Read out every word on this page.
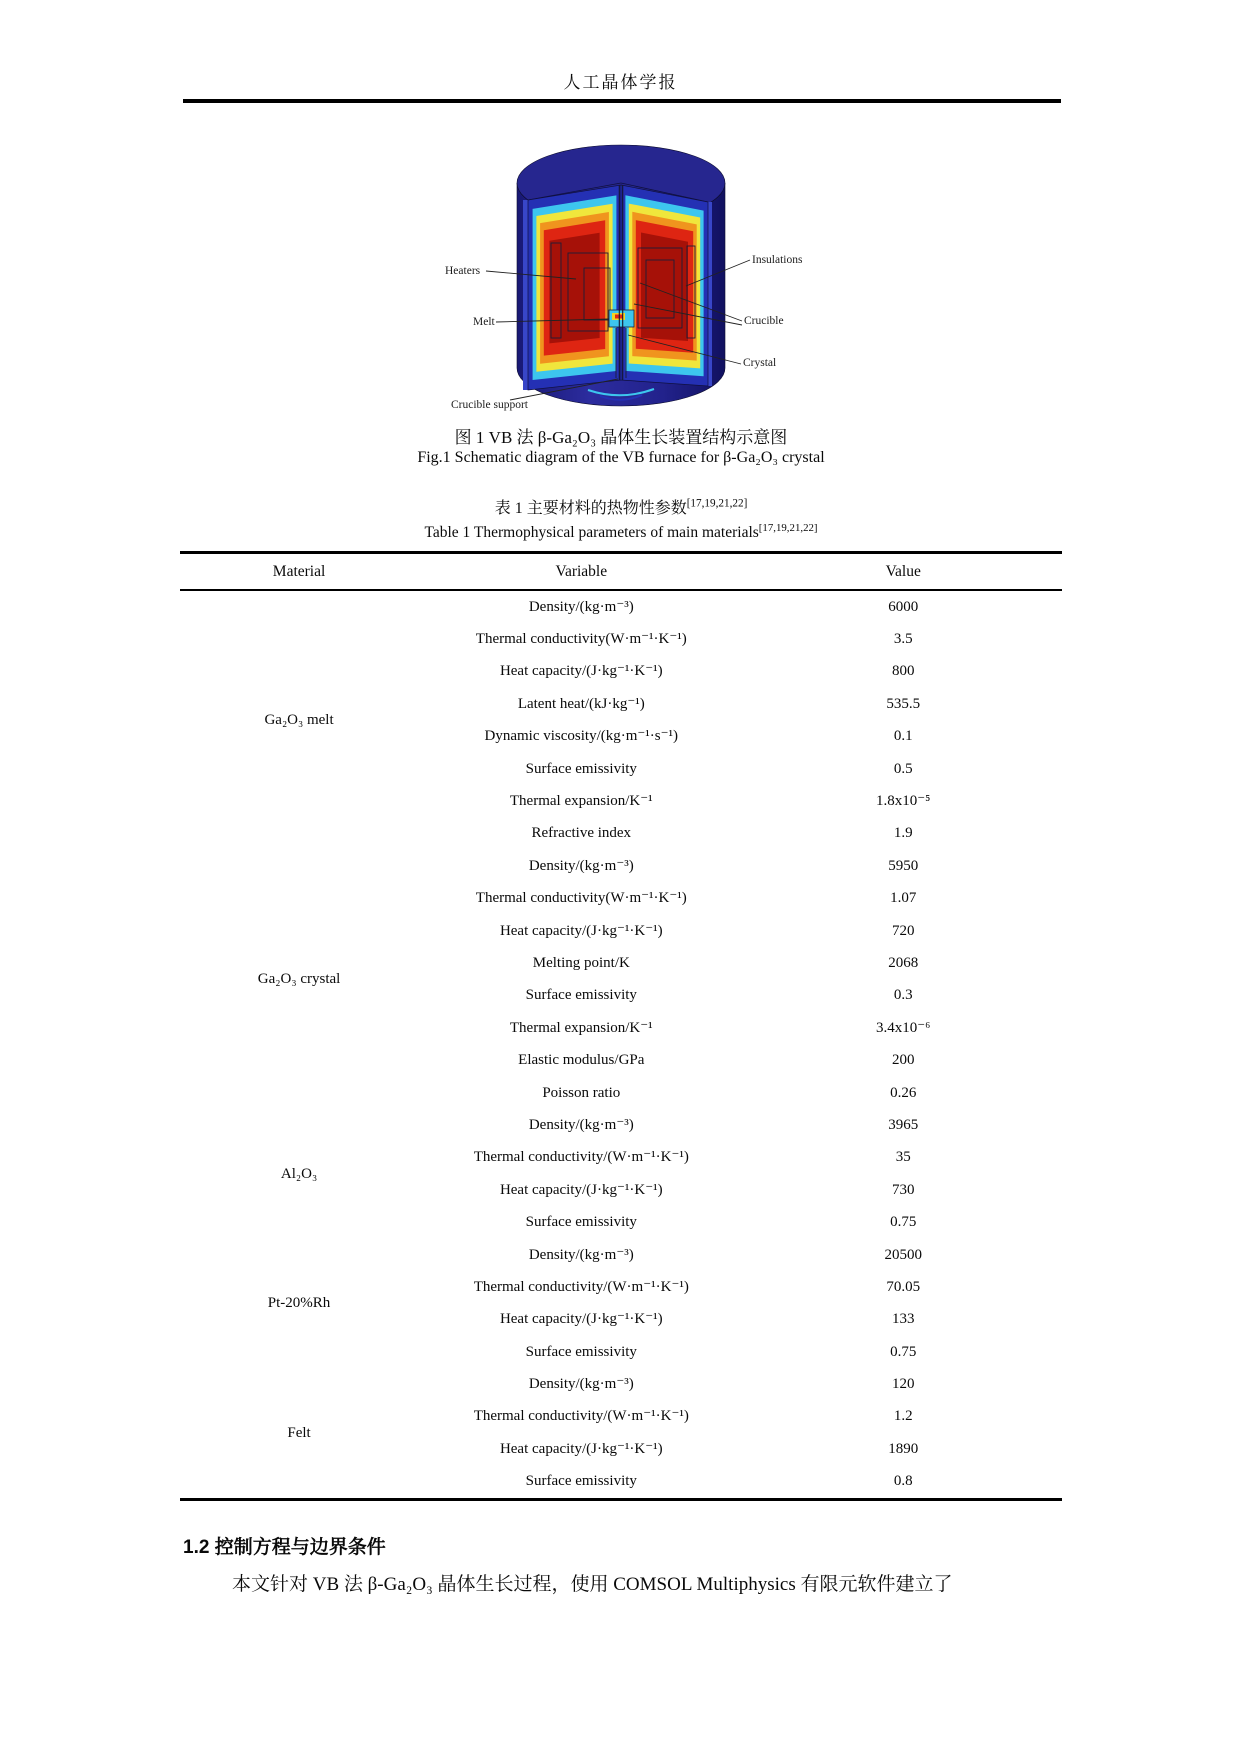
人工晶体学报
Heaters
Melt
Crucible support
Insulations
Crucible
Crystal
图 1 VB 法 β-Ga₂O₃ 晶体生长装置结构示意图
Fig.1 Schematic diagram of the VB furnace for β-Ga₂O₃ crystal
表 1 主要材料的热物性参数[17,19,21,22]
Table 1 Thermophysical parameters of main materials[17,19,21,22]
Material	Variable	Value
Ga₂O₃ melt	Density/(kg·m⁻³)	6000
	Thermal conductivity(W·m⁻¹·K⁻¹)	3.5
	Heat capacity/(J·kg⁻¹·K⁻¹)	800
	Latent heat/(kJ·kg⁻¹)	535.5
	Dynamic viscosity/(kg·m⁻¹·s⁻¹)	0.1
	Surface emissivity	0.5
	Thermal expansion/K⁻¹	1.8x10⁻⁵
	Refractive index	1.9
Ga₂O₃ crystal	Density/(kg·m⁻³)	5950
	Thermal conductivity(W·m⁻¹·K⁻¹)	1.07
	Heat capacity/(J·kg⁻¹·K⁻¹)	720
	Melting point/K	2068
	Surface emissivity	0.3
	Thermal expansion/K⁻¹	3.4x10⁻⁶
	Elastic modulus/GPa	200
	Poisson ratio	0.26
Al₂O₃	Density/(kg·m⁻³)	3965
	Thermal conductivity/(W·m⁻¹·K⁻¹)	35
	Heat capacity/(J·kg⁻¹·K⁻¹)	730
	Surface emissivity	0.75
Pt-20%Rh	Density/(kg·m⁻³)	20500
	Thermal conductivity/(W·m⁻¹·K⁻¹)	70.05
	Heat capacity/(J·kg⁻¹·K⁻¹)	133
	Surface emissivity	0.75
Felt	Density/(kg·m⁻³)	120
	Thermal conductivity/(W·m⁻¹·K⁻¹)	1.2
	Heat capacity/(J·kg⁻¹·K⁻¹)	1890
	Surface emissivity	0.8
1.2 控制方程与边界条件
本文针对 VB 法 β-Ga₂O₃ 晶体生长过程，使用 COMSOL Multiphysics 有限元软件建立了
